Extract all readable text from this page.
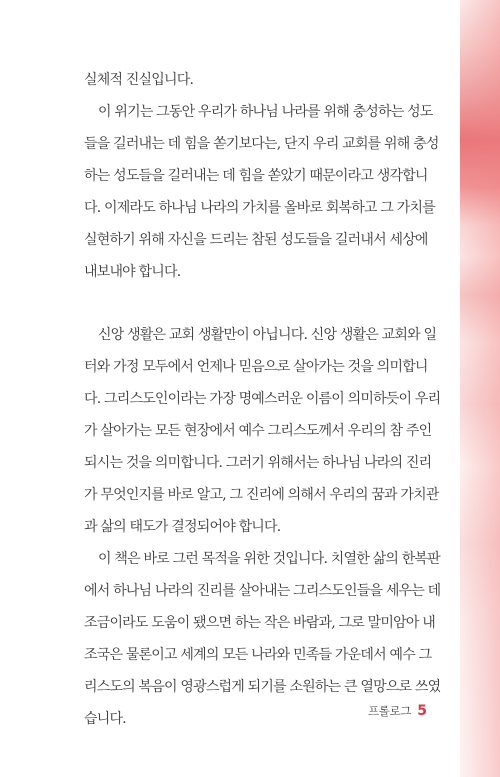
실체적 진실입니다.
이 위기는 그동안 우리가 하나님 나라를 위해 충성하는 성도
들을 길러내는 데 힘을 쏟기보다는, 단지 우리 교회를 위해 충성
하는 성도들을 길러내는 데 힘을 쏟았기 때문이라고 생각합니
다. 이제라도 하나님 나라의 가치를 올바로 회복하고 그 가치를
실현하기 위해 자신을 드리는 참된 성도들을 길러내서 세상에
내보내야 합니다.
신앙 생활은 교회 생활만이 아닙니다. 신앙 생활은 교회와 일
터와 가정 모두에서 언제나 믿음으로 살아가는 것을 의미합니
다. 그리스도인이라는 가장 명예스러운 이름이 의미하듯이 우리
가 살아가는 모든 현장에서 예수 그리스도께서 우리의 참 주인
되시는 것을 의미합니다. 그러기 위해서는 하나님 나라의 진리
가 무엇인지를 바로 알고, 그 진리에 의해서 우리의 꿈과 가치관
과 삶의 태도가 결정되어야 합니다.
이 책은 바로 그런 목적을 위한 것입니다. 치열한 삶의 한복판
에서 하나님 나라의 진리를 살아내는 그리스도인들을 세우는 데
조금이라도 도움이 됐으면 하는 작은 바람과, 그로 말미암아 내
조국은 물론이고 세계의 모든 나라와 민족들 가운데서 예수 그
리스도의 복음이 영광스럽게 되기를 소원하는 큰 열망으로 쓰였
습니다.	프롤로그 5
